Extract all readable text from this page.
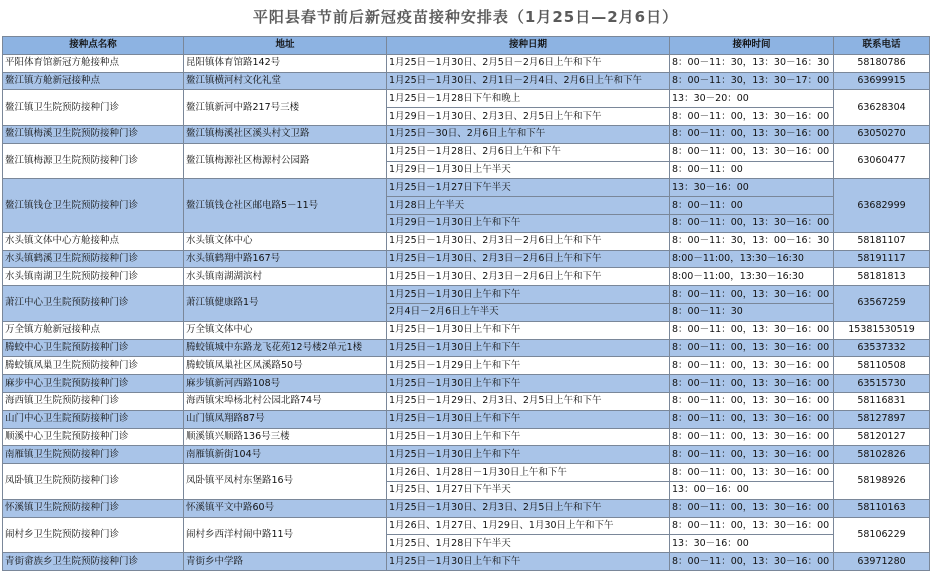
平阳县春节前后新冠疫苗接种安排表（1月25日—2月6日）
接种点名称	地址	接种日期	接种时间	联系电话
平阳体育馆新冠方舱接种点	昆阳镇体育馆路142号	1月25日－1月30日、2月5日－2月6日上午和下午	8：00－11：30，13：30－16：30	58180786
鳌江镇方舱新冠接种点	鳌江镇横河村文化礼堂	1月25日－1月30日、2月1日－2月4日、2月6日上午和下午	8：00－11：30，13：30－17：00	63699915
鳌江镇卫生院预防接种门诊	鳌江镇新河中路217号三楼	1月25日－1月28日下午和晚上	13：30－20：00	63628304
		1月29日－1月30日、2月3日、2月5日上午和下午	8：00－11：00，13：30－16：00	
鳌江镇梅溪卫生院预防接种门诊	鳌江镇梅溪社区溪头村文卫路	1月25日－30日、2月6日上午和下午	8：00－11：00，13：30－16：00	63050270
鳌江镇梅源卫生院预防接种门诊	鳌江镇梅源社区梅源村公园路	1月25日－1月28日、2月6日上午和下午	8：00－11：00，13：30－16：00	63060477
		1月29日－1月30日上午半天	8：00－11：00	
鳌江镇钱仓卫生院预防接种门诊	鳌江镇钱仓社区邮电路5－11号	1月25日－1月27日下午半天	13：30－16：00	63682999
		1月28日上午半天	8：00－11：00	
		1月29日－1月30日上午和下午	8：00－11：00，13：30－16：00	
水头镇文体中心方舱接种点	水头镇文体中心	1月25日－1月30日、2月3日－2月6日上午和下午	8：00－11：30，13：00－16：30	58181107
水头镇鹤溪卫生院预防接种门诊	水头镇鹤翔中路167号	1月25日－1月30日、2月3日－2月6日上午和下午	8:00－11:00，13:30－16:30	58191117
水头镇南湖卫生院预防接种门诊	水头镇南湖湖滨村	1月25日－1月30日、2月3日－2月6日上午和下午	8:00－11:00，13:30－16:30	58181813
萧江中心卫生院预防接种门诊	萧江镇健康路1号	1月25日－1月30日上午和下午	8：00－11：00，13：30－16：00	63567259
		2月4日－2月6日上午半天	8：00－11：30	
万全镇方舱新冠接种点	万全镇文体中心	1月25日－1月30日上午和下午	8：00－11：00，13：30－16：00	15381530519
腾蛟中心卫生院预防接种门诊	腾蛟镇城中东路龙飞花苑12号楼2单元1楼	1月25日－1月30日上午和下午	8：00－11：00，13：30－16：00	63537332
腾蛟镇凤巢卫生院预防接种门诊	腾蛟镇凤巢社区凤溪路50号	1月25日－1月29日上午和下午	8：00－11：00，13：30－16：00	58110508
麻步中心卫生院预防接种门诊	麻步镇新河西路108号	1月25日－1月30日上午和下午	8：00－11：00，13：30－16：00	63515730
海西镇卫生院预防接种门诊	海西镇宋埠杨北村公园北路74号	1月25日－1月29日、2月3日、2月5日上午和下午	8：00－11：00，13：30－16：00	58116831
山门中心卫生院预防接种门诊	山门镇凤翔路87号	1月25日－1月30日上午和下午	8：00－11：00，13：30－16：00	58127897
顺溪中心卫生院预防接种门诊	顺溪镇兴顺路136号三楼	1月25日－1月30日上午和下午	8：00－11：00，13：30－16：00	58120127
南雁镇卫生院预防接种门诊	南雁镇新街104号	1月25日－1月30日上午和下午	8：00－11：00，13：30－16：00	58102826
凤卧镇卫生院预防接种门诊	凤卧镇平凤村东堡路16号	1月26日、1月28日－1月30日上午和下午	8：00－11：00，13：30－16：00	58198926
		1月25日、1月27日下午半天	13：00－16：00	
怀溪镇卫生院预防接种门诊	怀溪镇平文中路60号	1月25日－1月30日、2月3日、2月5日上午和下午	8：00－11：00，13：30－16：00	58110163
闹村乡卫生院预防接种门诊	闹村乡西洋村闹中路11号	1月26日、1月27日、1月29日、1月30日上午和下午	8：00－11：00，13：30－16：00	58106229
		1月25日、1月28日下午半天	13：30－16：00	
青街畲族乡卫生院预防接种门诊	青街乡中学路	1月25日－1月30日上午和下午	8：00－11：00，13：30－16：00	63971280
